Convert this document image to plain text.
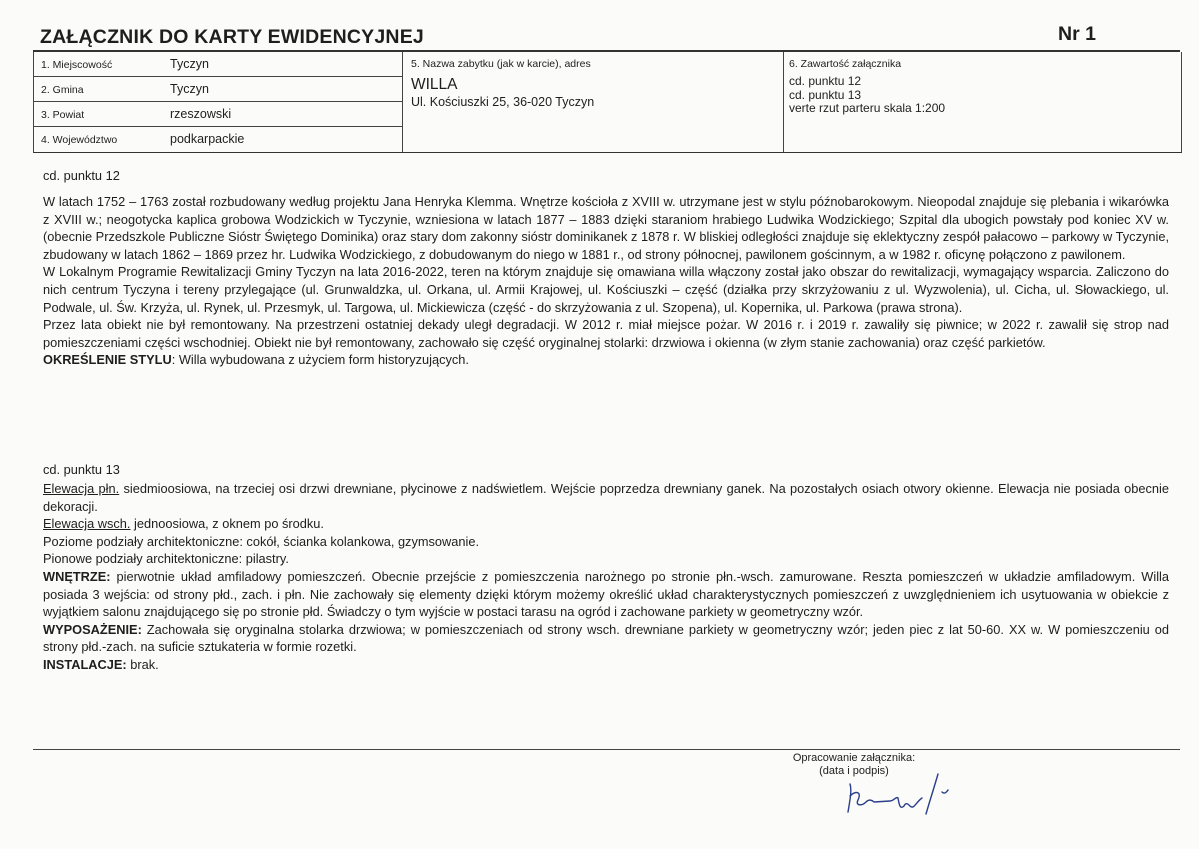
ZAŁĄCZNIK DO KARTY EWIDENCYJNEJ	Nr 1
1. Miejscowość	Tyczyn
2. Gmina	Tyczyn
3. Powiat	rzeszowski
4. Województwo	podkarpackie
5. Nazwa zabytku (jak w karcie), adres
WILLA
Ul. Kościuszki 25, 36-020 Tyczyn
6. Zawartość załącznika
cd. punktu 12
cd. punktu 13
verte rzut parteru skala 1:200
cd. punktu 12

W latach 1752 – 1763 został rozbudowany według projektu Jana Henryka Klemma. Wnętrze kościoła z XVIII w. utrzymane jest w stylu późnobarokowym. Nieopodal znajduje się plebania i wikarówka z XVIII w.; neogotycka kaplica grobowa Wodzickich w Tyczynie, wzniesiona w latach 1877 – 1883 dzięki staraniom hrabiego Ludwika Wodzickiego; Szpital dla ubogich powstały pod koniec XV w. (obecnie Przedszkole Publiczne Sióstr Świętego Dominika) oraz stary dom zakonny sióstr dominikanek z 1878 r. W bliskiej odległości znajduje się eklektyczny zespół pałacowo – parkowy w Tyczynie, zbudowany w latach 1862 – 1869 przez hr. Ludwika Wodzickiego, z dobudowanym do niego w 1881 r., od strony północnej, pawilonem gościnnym, a w 1982 r. oficynę połączono z pawilonem.

W Lokalnym Programie Rewitalizacji Gminy Tyczyn na lata 2016-2022, teren na którym znajduje się omawiana willa włączony został jako obszar do rewitalizacji, wymagający wsparcia. Zaliczono do nich centrum Tyczyna i tereny przylegające (ul. Grunwaldzka, ul. Orkana, ul. Armii Krajowej, ul. Kościuszki – część (działka przy skrzyżowaniu z ul. Wyzwolenia), ul. Cicha, ul. Słowackiego, ul. Podwale, ul. Św. Krzyża, ul. Rynek, ul. Przesmyk, ul. Targowa, ul. Mickiewicza (część - do skrzyżowania z ul. Szopena), ul. Kopernika, ul. Parkowa (prawa strona).

Przez lata obiekt nie był remontowany. Na przestrzeni ostatniej dekady uległ degradacji. W 2012 r. miał miejsce pożar. W 2016 r. i 2019 r. zawaliły się piwnice; w 2022 r. zawalił się strop nad pomieszczeniami części wschodniej. Obiekt nie był remontowany, zachowało się część oryginalnej stolarki: drzwiowa i okienna (w złym stanie zachowania) oraz część parkietów.

OKREŚLENIE STYLU: Willa wybudowana z użyciem form historyzujących.

cd. punktu 13

Elewacja płn. siedmioosiowa, na trzeciej osi drzwi drewniane, płycinowe z nadświetlem. Wejście poprzedza drewniany ganek. Na pozostałych osiach otwory okienne. Elewacja nie posiada obecnie dekoracji.

Elewacja wsch. jednoosiowa, z oknem po środku.

Poziome podziały architektoniczne: cokół, ścianka kolankowa, gzymsowanie.

Pionowe podziały architektoniczne: pilastry.

WNĘTRZE: pierwotnie układ amfiladowy pomieszczeń. Obecnie przejście z pomieszczenia narożnego po stronie płn.-wsch. zamurowane. Reszta pomieszczeń w układzie amfiladowym. Willa posiada 3 wejścia: od strony płd., zach. i płn. Nie zachowały się elementy dzięki którym możemy określić układ charakterystycznych pomieszczeń z uwzględnieniem ich usytuowania w obiekcie z wyjątkiem salonu znajdującego się po stronie płd. Świadczy o tym wyjście w postaci tarasu na ogród i zachowane parkiety w geometryczny wzór.

WYPOSAŻENIE: Zachowała się oryginalna stolarka drzwiowa; w pomieszczeniach od strony wsch. drewniane parkiety w geometryczny wzór; jeden piec z lat 50-60. XX w. W pomieszczeniu od strony płd.-zach. na suficie sztukateria w formie rozetki.

INSTALACJE: brak.

Opracowanie załącznika:
(data i podpis)
